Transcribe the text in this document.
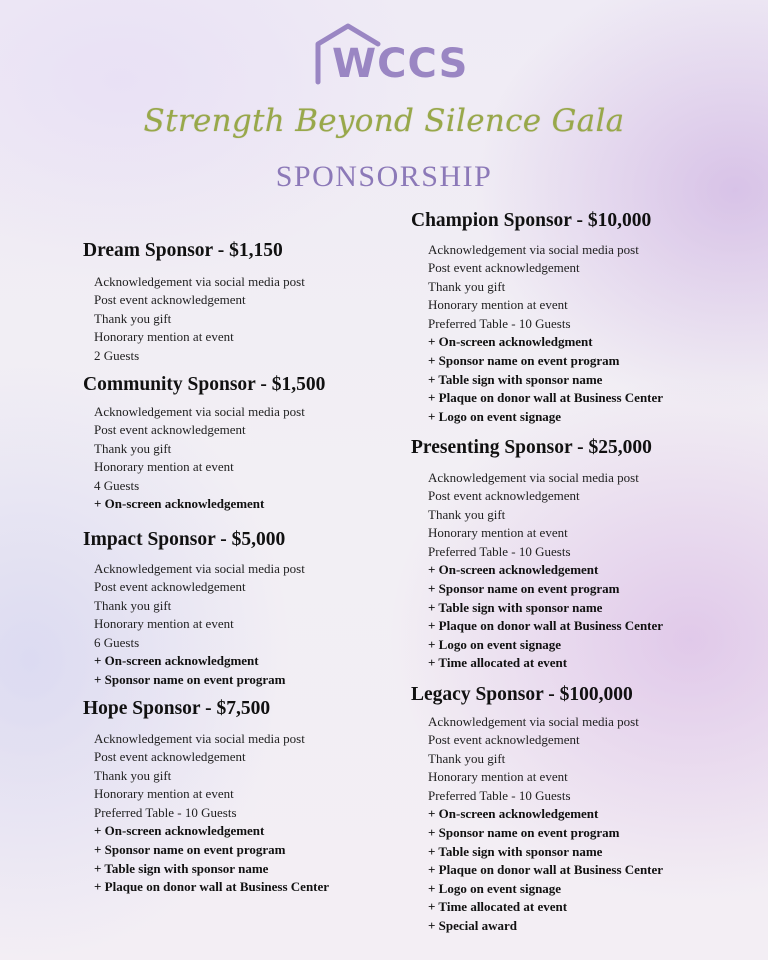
WCCS
Strength Beyond Silence Gala
SPONSORSHIP
Dream Sponsor - $1,150
Acknowledgement via social media post
Post event acknowledgement
Thank you gift
Honorary mention at event
2 Guests
Community Sponsor - $1,500
Acknowledgement via social media post
Post event acknowledgement
Thank you gift
Honorary mention at event
4 Guests
+ On-screen acknowledgement
Impact Sponsor - $5,000
Acknowledgement via social media post
Post event acknowledgement
Thank you gift
Honorary mention at event
6 Guests
+ On-screen acknowledgment
+ Sponsor name on event program
Hope Sponsor - $7,500
Acknowledgement via social media post
Post event acknowledgement
Thank you gift
Honorary mention at event
Preferred Table - 10 Guests
+ On-screen acknowledgement
+ Sponsor name on event program
+ Table sign with sponsor name
+ Plaque on donor wall at Business Center
Champion Sponsor - $10,000
Acknowledgement via social media post
Post event acknowledgement
Thank you gift
Honorary mention at event
Preferred Table - 10 Guests
+ On-screen acknowledgment
+ Sponsor name on event program
+ Table sign with sponsor name
+ Plaque on donor wall at Business Center
+ Logo on event signage
Presenting Sponsor - $25,000
Acknowledgement via social media post
Post event acknowledgement
Thank you gift
Honorary mention at event
Preferred Table - 10 Guests
+ On-screen acknowledgement
+ Sponsor name on event program
+ Table sign with sponsor name
+ Plaque on donor wall at Business Center
+ Logo on event signage
+ Time allocated at event
Legacy Sponsor - $100,000
Acknowledgement via social media post
Post event acknowledgement
Thank you gift
Honorary mention at event
Preferred Table - 10 Guests
+ On-screen acknowledgement
+ Sponsor name on event program
+ Table sign with sponsor name
+ Plaque on donor wall at Business Center
+ Logo on event signage
+ Time allocated at event
+ Special award
